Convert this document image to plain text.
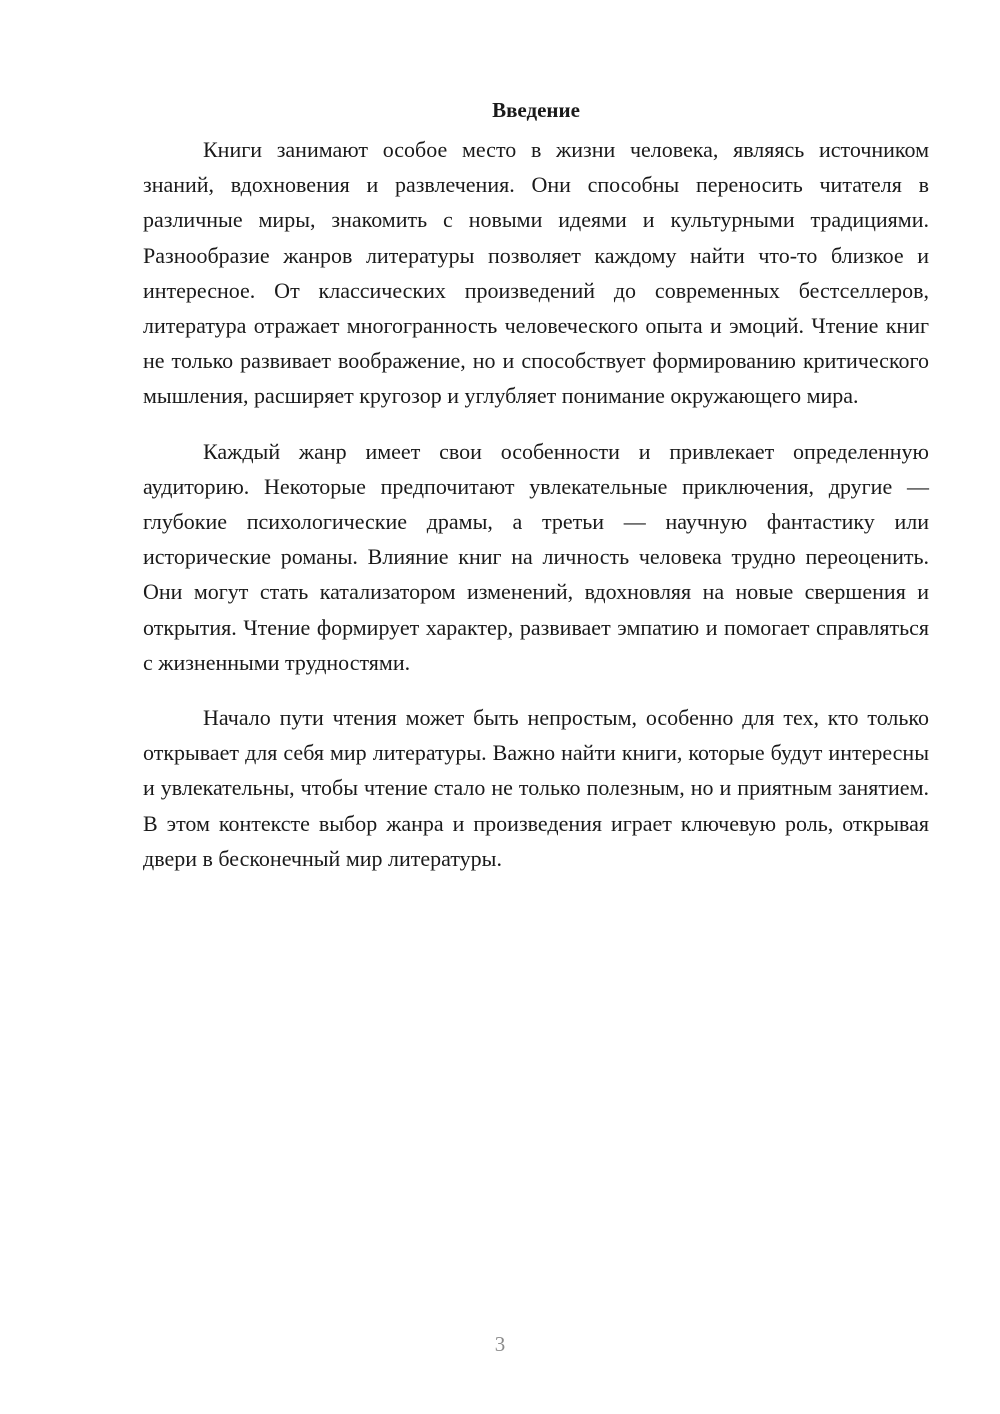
Введение

Книги занимают особое место в жизни человека, являясь источником знаний, вдохновения и развлечения. Они способны переносить читателя в различные миры, знакомить с новыми идеями и культурными традициями. Разнообразие жанров литературы позволяет каждому найти что-то близкое и интересное. От классических произведений до современных бестселлеров, литература отражает многогранность человеческого опыта и эмоций. Чтение книг не только развивает воображение, но и способствует формированию критического мышления, расширяет кругозор и углубляет понимание окружающего мира.

Каждый жанр имеет свои особенности и привлекает определенную аудиторию. Некоторые предпочитают увлекательные приключения, другие — глубокие психологические драмы, а третьи — научную фантастику или исторические романы. Влияние книг на личность человека трудно переоценить. Они могут стать катализатором изменений, вдохновляя на новые свершения и открытия. Чтение формирует характер, развивает эмпатию и помогает справляться с жизненными трудностями.

Начало пути чтения может быть непростым, особенно для тех, кто только открывает для себя мир литературы. Важно найти книги, которые будут интересны и увлекательны, чтобы чтение стало не только полезным, но и приятным занятием. В этом контексте выбор жанра и произведения играет ключевую роль, открывая двери в бесконечный мир литературы.

3
